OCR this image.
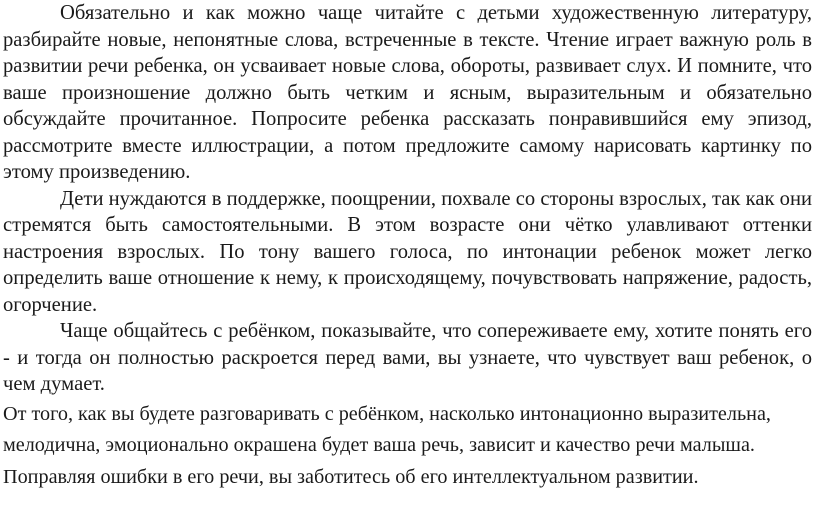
Обязательно и как можно чаще читайте с детьми художественную литературу, разбирайте новые, непонятные слова, встреченные в тексте. Чтение играет важную роль в развитии речи ребенка, он усваивает новые слова, обороты, развивает слух. И помните, что ваше произношение должно быть четким и ясным, выразительным и обязательно обсуждайте прочитанное. Попросите ребенка рассказать понравившийся ему эпизод, рассмотрите вместе иллюстрации, а потом предложите самому нарисовать картинку по этому произведению.

Дети нуждаются в поддержке, поощрении, похвале со стороны взрослых, так как они стремятся быть самостоятельными. В этом возрасте они чётко улавливают оттенки настроения взрослых. По тону вашего голоса, по интонации ребенок может легко определить ваше отношение к нему, к происходящему, почувствовать напряжение, радость, огорчение.

Чаще общайтесь с ребёнком, показывайте, что сопереживаете ему, хотите понять его - и тогда он полностью раскроется перед вами, вы узнаете, что чувствует ваш ребенок, о чем думает.

От того, как вы будете разговаривать с ребёнком, насколько интонационно выразительна, мелодична, эмоционально окрашена будет ваша речь, зависит и качество речи малыша. Поправляя ошибки в его речи, вы заботитесь об его интеллектуальном развитии.
